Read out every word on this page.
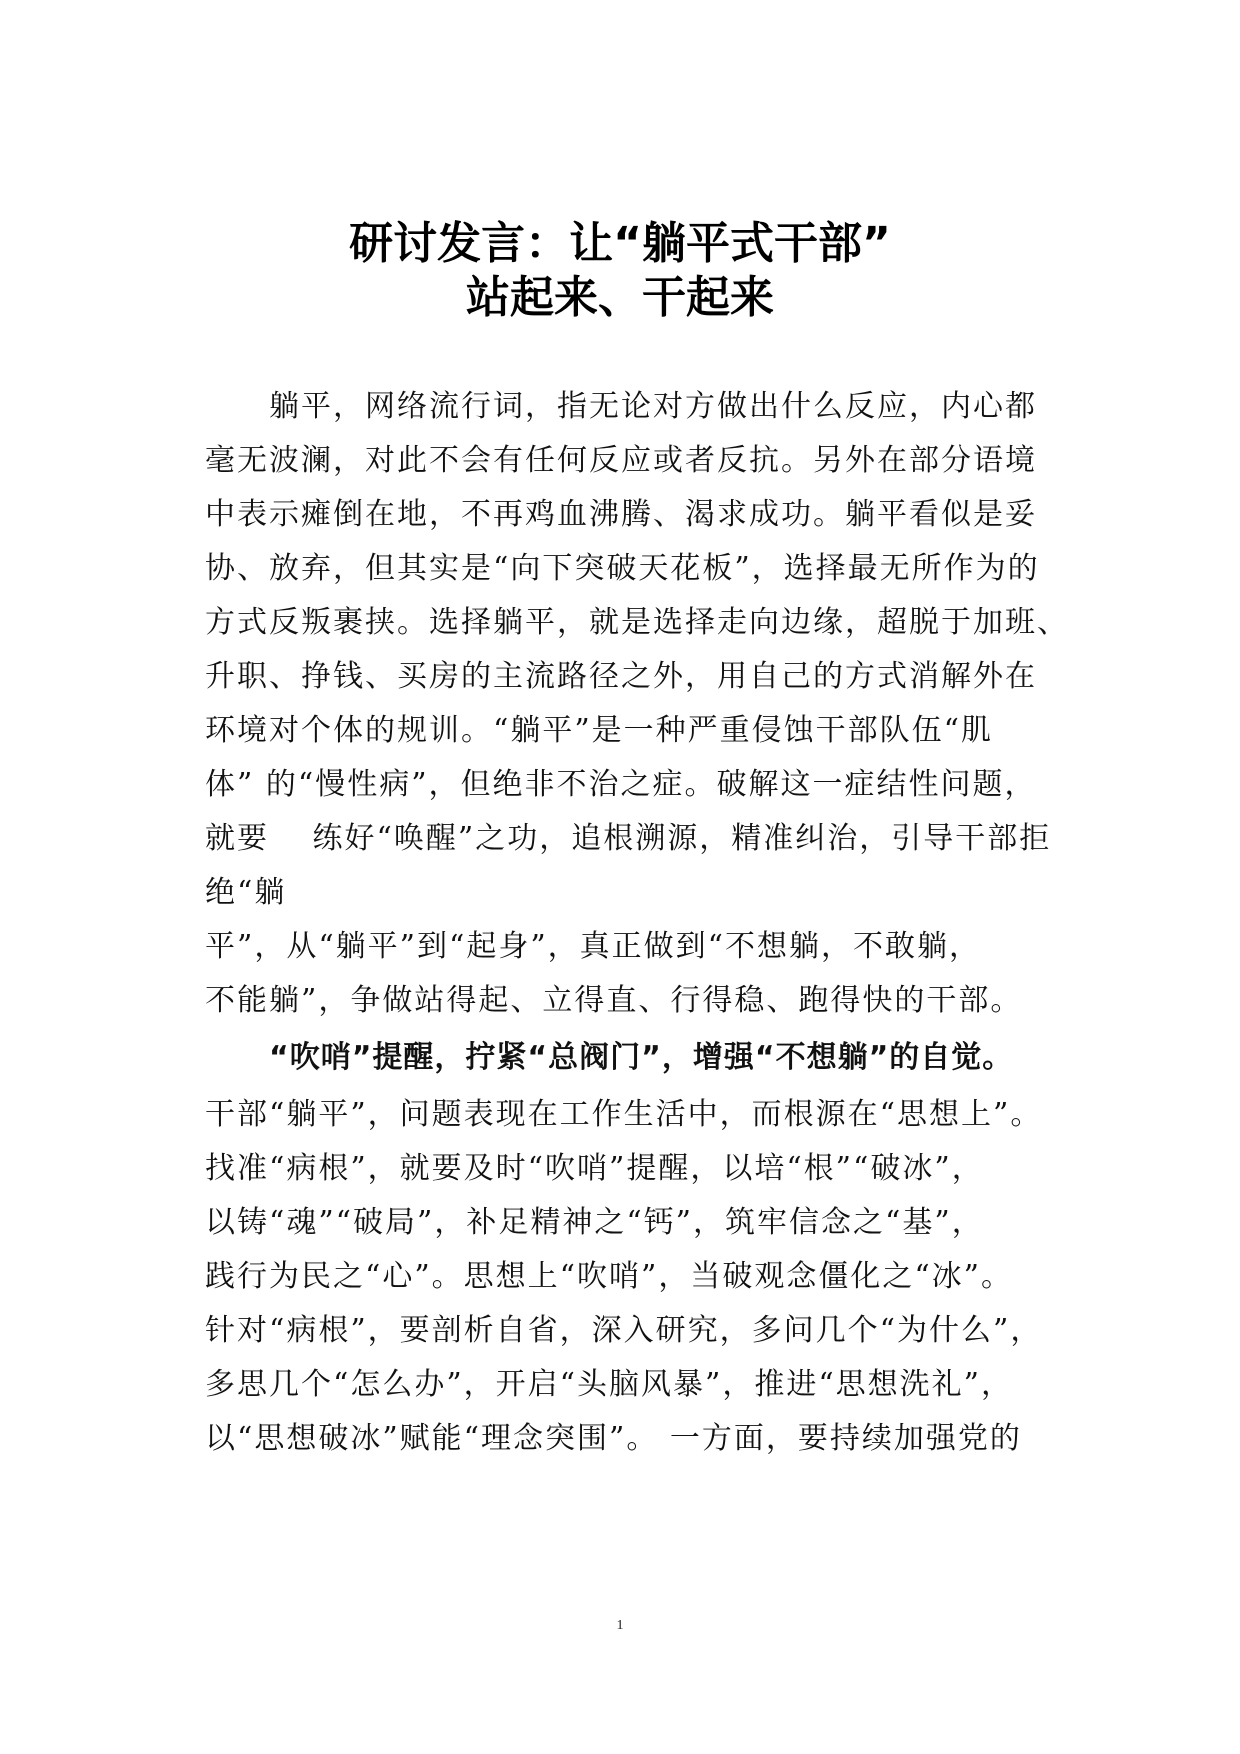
研讨发言：让“躺平式干部”
站起来、干起来
躺平，网络流行词，指无论对方做出什么反应，内心都
毫无波澜，对此不会有任何反应或者反抗。另外在部分语境
中表示瘫倒在地，不再鸡血沸腾、渴求成功。躺平看似是妥
协、放弃，但其实是“向下突破天花板”，选择最无所作为的
方式反叛裹挟。选择躺平，就是选择走向边缘，超脱于加班、
升职、挣钱、买房的主流路径之外，用自己的方式消解外在
环境对个体的规训。“躺平”是一种严重侵蚀干部队伍“肌
体” 的“慢性病”，但绝非不治之症。破解这一症结性问题，
就要　 练好“唤醒”之功，追根溯源，精准纠治，引导干部拒
绝“躺
平”，从“躺平”到“起身”，真正做到“不想躺，不敢躺，
不能躺”，争做站得起、立得直、行得稳、跑得快的干部。
“吹哨”提醒，拧紧“总阀门”，增强“不想躺”的自觉。
干部“躺平”，问题表现在工作生活中，而根源在“思想上”。
找准“病根”，就要及时“吹哨”提醒，以培“根”“破冰”，
以铸“魂”“破局”，补足精神之“钙”，筑牢信念之“基”，
践行为民之“心”。思想上“吹哨”，当破观念僵化之“冰”。
针对“病根”，要剖析自省，深入研究，多问几个“为什么”，
多思几个“怎么办”，开启“头脑风暴”，推进“思想洗礼”，
以“思想破冰”赋能“理念突围”。 一方面，要持续加强党的
1
